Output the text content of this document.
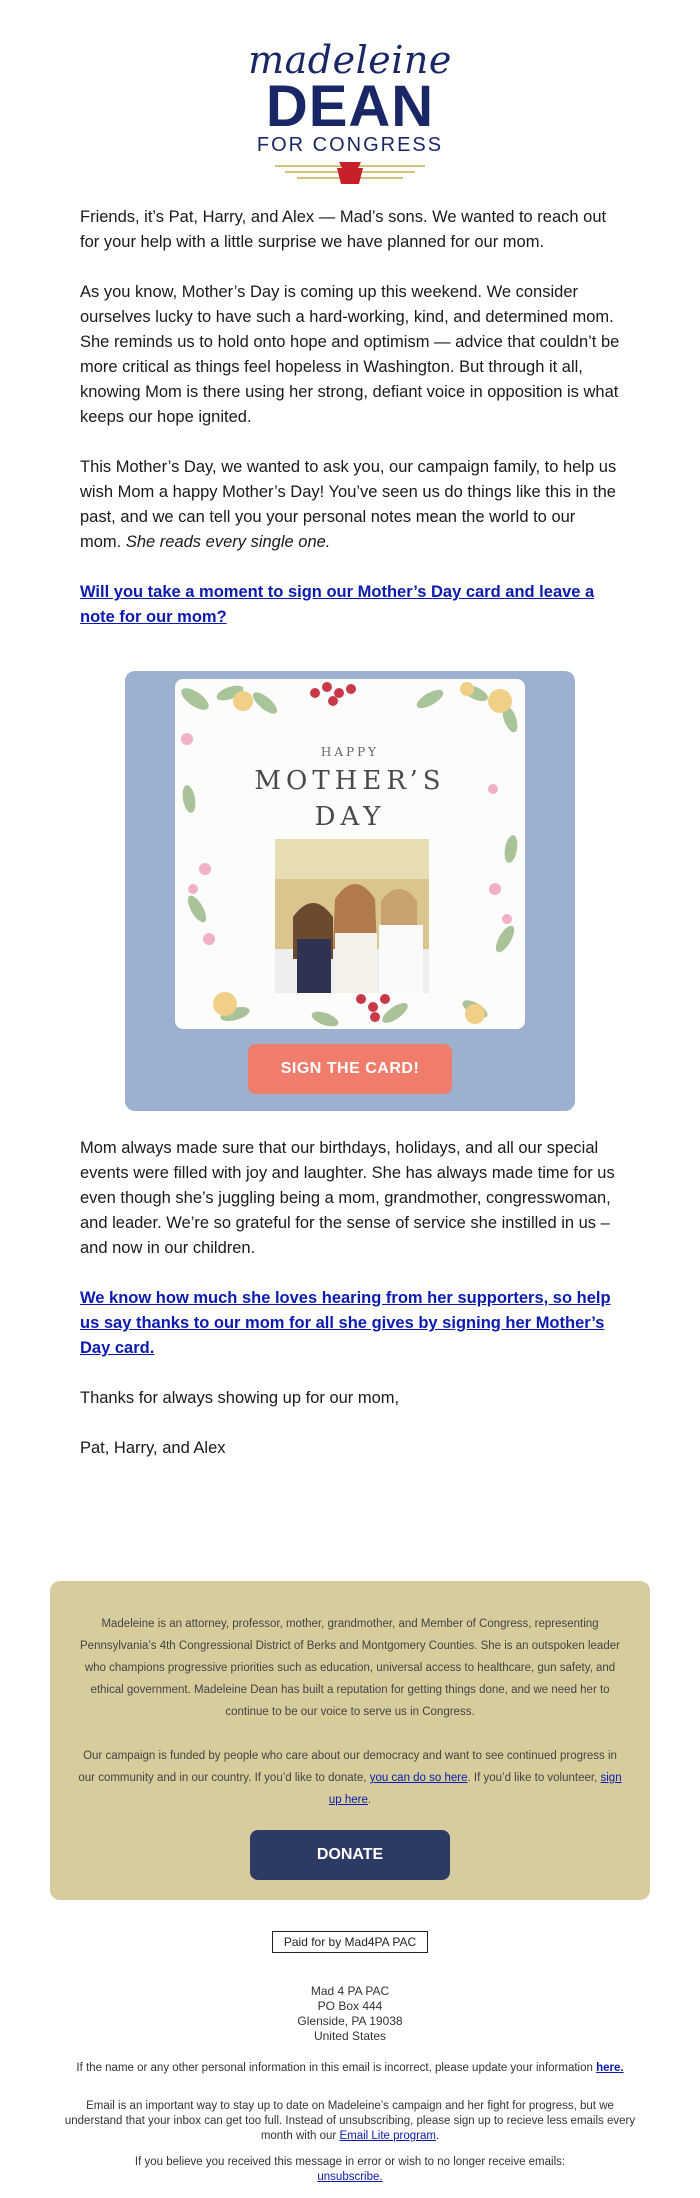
madeleine
DEAN
FOR CONGRESS

Friends, it’s Pat, Harry, and Alex — Mad’s sons. We wanted to reach out for your help with a little surprise we have planned for our mom.

As you know, Mother’s Day is coming up this weekend. We consider ourselves lucky to have such a hard-working, kind, and determined mom. She reminds us to hold onto hope and optimism — advice that couldn’t be more critical as things feel hopeless in Washington. But through it all, knowing Mom is there using her strong, defiant voice in opposition is what keeps our hope ignited.

This Mother’s Day, we wanted to ask you, our campaign family, to help us wish Mom a happy Mother’s Day! You’ve seen us do things like this in the past, and we can tell you your personal notes mean the world to our mom. She reads every single one.

Will you take a moment to sign our Mother’s Day card and leave a note for our mom?
HAPPY
MOTHER’S
DAY
SIGN THE CARD!

Mom always made sure that our birthdays, holidays, and all our special events were filled with joy and laughter. She has always made time for us even though she’s juggling being a mom, grandmother, congresswoman, and leader. We’re so grateful for the sense of service she instilled in us – and now in our children.

We know how much she loves hearing from her supporters, so help us say thanks to our mom for all she gives by signing her Mother’s Day card.

Thanks for always showing up for our mom,

Pat, Harry, and Alex

Madeleine is an attorney, professor, mother, grandmother, and Member of Congress, representing Pennsylvania’s 4th Congressional District of Berks and Montgomery Counties. She is an outspoken leader who champions progressive priorities such as education, universal access to healthcare, gun safety, and ethical government. Madeleine Dean has built a reputation for getting things done, and we need her to continue to be our voice to serve us in Congress.

Our campaign is funded by people who care about our democracy and want to see continued progress in our community and in our country. If you’d like to donate, you can do so here. If you’d like to volunteer, sign up here.

DONATE
Paid for by Mad4PA PAC
Mad 4 PA PAC
PO Box 444
Glenside, PA 19038
United States

If the name or any other personal information in this email is incorrect, please update your information here.

Email is an important way to stay up to date on Madeleine’s campaign and her fight for progress, but we understand that your inbox can get too full. Instead of unsubscribing, please sign up to recieve less emails every month with our Email Lite program.

If you believe you received this message in error or wish to no longer receive emails:
unsubscribe.
